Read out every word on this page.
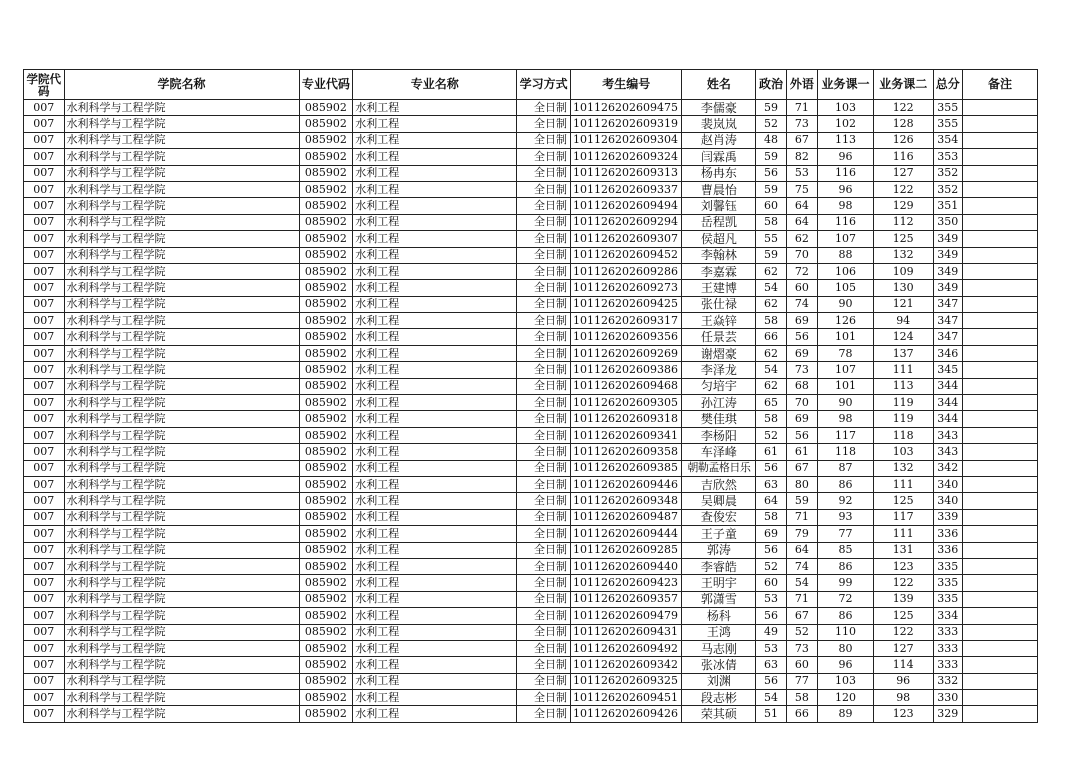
学院代码	学院名称	专业代码	专业名称	学习方式	考生编号	姓名	政治	外语	业务课一	业务课二	总分	备注
007	水利科学与工程学院	085902	水利工程	全日制	101126202609475	李儒豪	59	71	103	122	355	
007	水利科学与工程学院	085902	水利工程	全日制	101126202609319	裴岚岚	52	73	102	128	355	
007	水利科学与工程学院	085902	水利工程	全日制	101126202609304	赵肖涛	48	67	113	126	354	
007	水利科学与工程学院	085902	水利工程	全日制	101126202609324	闫霖禹	59	82	96	116	353	
007	水利科学与工程学院	085902	水利工程	全日制	101126202609313	杨冉东	56	53	116	127	352	
007	水利科学与工程学院	085902	水利工程	全日制	101126202609337	曹晨怡	59	75	96	122	352	
007	水利科学与工程学院	085902	水利工程	全日制	101126202609494	刘馨钰	60	64	98	129	351	
007	水利科学与工程学院	085902	水利工程	全日制	101126202609294	岳程凯	58	64	116	112	350	
007	水利科学与工程学院	085902	水利工程	全日制	101126202609307	侯超凡	55	62	107	125	349	
007	水利科学与工程学院	085902	水利工程	全日制	101126202609452	李翰林	59	70	88	132	349	
007	水利科学与工程学院	085902	水利工程	全日制	101126202609286	李嘉霖	62	72	106	109	349	
007	水利科学与工程学院	085902	水利工程	全日制	101126202609273	王建博	54	60	105	130	349	
007	水利科学与工程学院	085902	水利工程	全日制	101126202609425	张仕禄	62	74	90	121	347	
007	水利科学与工程学院	085902	水利工程	全日制	101126202609317	王焱锌	58	69	126	94	347	
007	水利科学与工程学院	085902	水利工程	全日制	101126202609356	任景芸	66	56	101	124	347	
007	水利科学与工程学院	085902	水利工程	全日制	101126202609269	谢熠豪	62	69	78	137	346	
007	水利科学与工程学院	085902	水利工程	全日制	101126202609386	李泽龙	54	73	107	111	345	
007	水利科学与工程学院	085902	水利工程	全日制	101126202609468	匀培宇	62	68	101	113	344	
007	水利科学与工程学院	085902	水利工程	全日制	101126202609305	孙江涛	65	70	90	119	344	
007	水利科学与工程学院	085902	水利工程	全日制	101126202609318	樊佳琪	58	69	98	119	344	
007	水利科学与工程学院	085902	水利工程	全日制	101126202609341	李杨阳	52	56	117	118	343	
007	水利科学与工程学院	085902	水利工程	全日制	101126202609358	车泽峰	61	61	118	103	343	
007	水利科学与工程学院	085902	水利工程	全日制	101126202609385	朝勒孟格日乐	56	67	87	132	342	
007	水利科学与工程学院	085902	水利工程	全日制	101126202609446	吉欣然	63	80	86	111	340	
007	水利科学与工程学院	085902	水利工程	全日制	101126202609348	吴卿晨	64	59	92	125	340	
007	水利科学与工程学院	085902	水利工程	全日制	101126202609487	查俊宏	58	71	93	117	339	
007	水利科学与工程学院	085902	水利工程	全日制	101126202609444	王子童	69	79	77	111	336	
007	水利科学与工程学院	085902	水利工程	全日制	101126202609285	郭涛	56	64	85	131	336	
007	水利科学与工程学院	085902	水利工程	全日制	101126202609440	李睿皓	52	74	86	123	335	
007	水利科学与工程学院	085902	水利工程	全日制	101126202609423	王明宇	60	54	99	122	335	
007	水利科学与工程学院	085902	水利工程	全日制	101126202609357	郭潇雪	53	71	72	139	335	
007	水利科学与工程学院	085902	水利工程	全日制	101126202609479	杨科	56	67	86	125	334	
007	水利科学与工程学院	085902	水利工程	全日制	101126202609431	王鸿	49	52	110	122	333	
007	水利科学与工程学院	085902	水利工程	全日制	101126202609492	马志刚	53	73	80	127	333	
007	水利科学与工程学院	085902	水利工程	全日制	101126202609342	张冰倩	63	60	96	114	333	
007	水利科学与工程学院	085902	水利工程	全日制	101126202609325	刘渊	56	77	103	96	332	
007	水利科学与工程学院	085902	水利工程	全日制	101126202609451	段志彬	54	58	120	98	330	
007	水利科学与工程学院	085902	水利工程	全日制	101126202609426	荣其硕	51	66	89	123	329	
